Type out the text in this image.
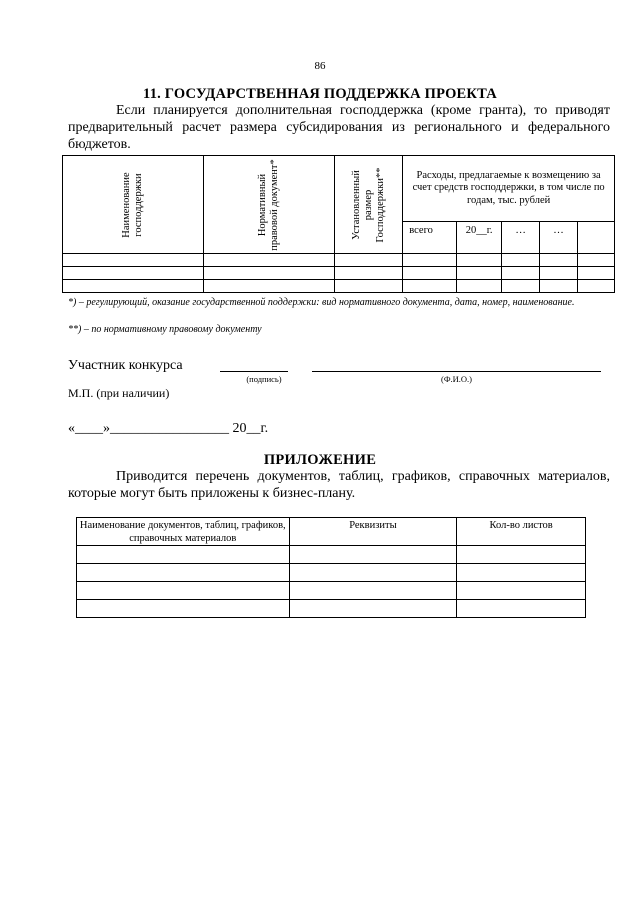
86
11. ГОСУДАРСТВЕННАЯ ПОДДЕРЖКА ПРОЕКТА
Если планируется дополнительная господдержка (кроме гранта), то приводят предварительный расчет размера субсидирования из регионального и федерального бюджетов.
Наименование господдержки	Нормативный правовой документ*	Установленный размер Господдержки**	Расходы, предлагаемые к возмещению за счет средств господдержки, в том числе по годам, тыс. рублей				

			всего	20__г.	…	…	

*) – регулирующий, оказание государственной поддержки: вид нормативного документа, дата, номер, наименование.
**) – по нормативному правовому документу
Участник конкурса
(подпись)	(Ф.И.О.)
М.П. (при наличии)
«____»_________________ 20__г.
ПРИЛОЖЕНИЕ
Приводится перечень документов, таблиц, графиков, справочных материалов, которые могут быть приложены к бизнес-плану.
Наименование документов, таблиц, графиков, справочных материалов	Реквизиты	Кол-во листов
